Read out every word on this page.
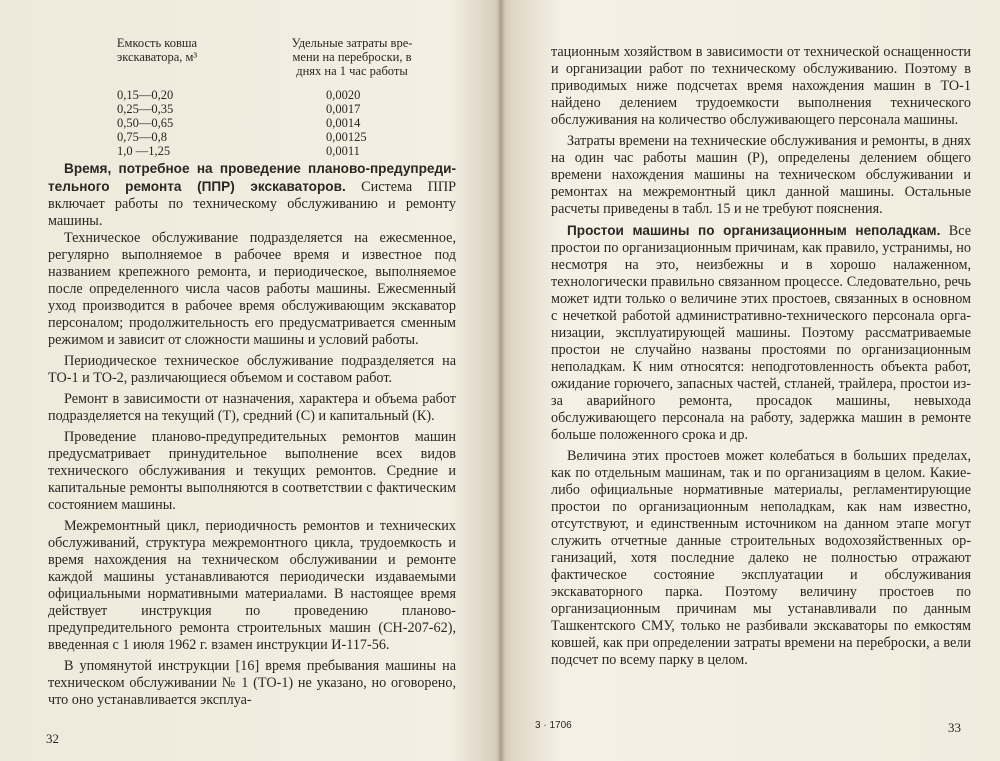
Емкость ковша
экскаватора, м³
Удельные затраты вре-
мени на переброски, в
днях на 1 час работы
0,15—0,20	0,0020
0,25—0,35	0,0017
0,50—0,65	0,0014
0,75—0,8	0,00125
1,0 —1,25	0,0011

Время, потребное на проведение планово-предупредительного ремонта (ППР) экскаваторов. Система ППР включает работы по техническому обслуживанию и ремонту машины.

Техническое обслуживание подразделяется на ежесменное, регулярно выполняемое в рабочее время и известное под названием крепежного ремонта, и периодическое, выполняемое после определенного числа часов работы машины. Ежесменный уход производится в рабочее время обслуживающим экскаватор персоналом; продолжительность его предусматривается сменным режимом и зависит от сложности машины и условий работы.

Периодическое техническое обслуживание подразделяется на ТО-1 и ТО-2, различающиеся объемом и составом работ.

Ремонт в зависимости от назначения, характера и объема работ подразделяется на текущий (Т), средний (С) и капитальный (К).

Проведение планово-предупредительных ремонтов машин предусматривает принудительное выполнение всех видов технического обслуживания и текущих ремонтов. Средние и капитальные ремонты выполняются в соответствии с фактическим состоянием машины.

Межремонтный цикл, периодичность ремонтов и технических обслуживаний, структура межремонтного цикла, трудоемкость и время нахождения на техническом обслуживании и ремонте каждой машины устанавливаются периодически издаваемыми официальными нормативными материалами. В настоящее время действует инструкция по проведению планово-предупредительного ремонта строительных машин (СН-207-62), введенная с 1 июля 1962 г. взамен инструкции И-117-56.

В упомянутой инструкции [16] время пребывания машины на техническом обслуживании № 1 (ТО-1) не указано, но оговорено, что оно устанавливается эксплуа-

32

тационным хозяйством в зависимости от технической оснащенности и организации работ по техническому обслуживанию. Поэтому в приводимых ниже подсчетах время нахождения машин в ТО-1 найдено делением трудоемкости выполнения технического обслуживания на количество обслуживающего персонала машины.

Затраты времени на технические обслуживания и ремонты, в днях на один час работы машин (Р), определены делением общего времени нахождения машины на техническом обслуживании и ремонтах на межремонтный цикл данной машины. Остальные расчеты приведены в табл. 15 и не требуют пояснения.

Простои машины по организационным неполадкам. Все простои по организационным причинам, как правило, устранимы, но несмотря на это, неизбежны и в хорошо налаженном, технологически правильно связанном процессе. Следовательно, речь может идти только о величине этих простоев, связанных в основном с нечеткой работой административно-технического персонала организации, эксплуатирующей машины. Поэтому рассматриваемые простои не случайно названы простоями по организационным неполадкам. К ним относятся: неподготовленность объекта работ, ожидание горючего, запасных частей, стланей, трайлера, простои из-за аварийного ремонта, просадок машины, невыхода обслуживающего персонала на работу, задержка машин в ремонте больше положенного срока и др.

Величина этих простоев может колебаться в больших пределах, как по отдельным машинам, так и по организациям в целом. Какие-либо официальные нормативные материалы, регламентирующие простои по организационным неполадкам, как нам известно, отсутствуют, и единственным источником на данном этапе могут служить отчетные данные строительных водохозяйственных организаций, хотя последние далеко не полностью отражают фактическое состояние эксплуатации и обслуживания экскаваторного парка. Поэтому величину простоев по организационным причинам мы устанавливали по данным Ташкентского СМУ, только не разбивали экскаваторы по емкостям ковшей, как при определении затраты времени на переброски, а вели подсчет по всему парку в целом.

3 · 1706	33
